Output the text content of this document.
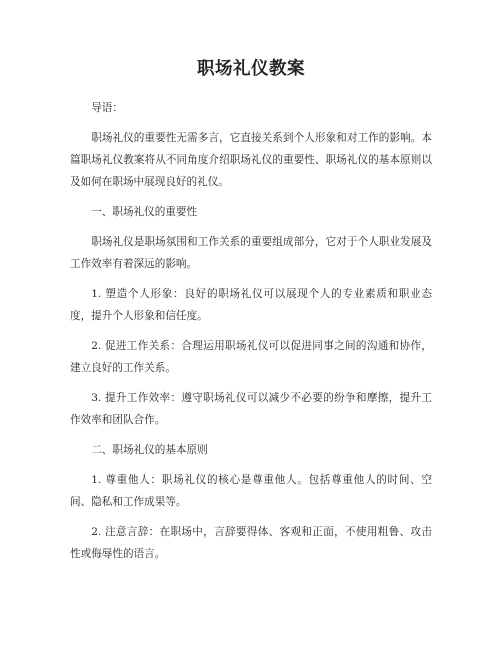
职场礼仪教案

导语：

职场礼仪的重要性无需多言，它直接关系到个人形象和对工作的影响。本篇职场礼仪教案将从不同角度介绍职场礼仪的重要性、职场礼仪的基本原则以及如何在职场中展现良好的礼仪。

一、职场礼仪的重要性

职场礼仪是职场氛围和工作关系的重要组成部分，它对于个人职业发展及工作效率有着深远的影响。

1. 塑造个人形象：良好的职场礼仪可以展现个人的专业素质和职业态度，提升个人形象和信任度。

2. 促进工作关系：合理运用职场礼仪可以促进同事之间的沟通和协作，建立良好的工作关系。

3. 提升工作效率：遵守职场礼仪可以减少不必要的纷争和摩擦，提升工作效率和团队合作。

二、职场礼仪的基本原则

1. 尊重他人：职场礼仪的核心是尊重他人。包括尊重他人的时间、空间、隐私和工作成果等。

2. 注意言辞：在职场中，言辞要得体、客观和正面，不使用粗鲁、攻击性或侮辱性的语言。
